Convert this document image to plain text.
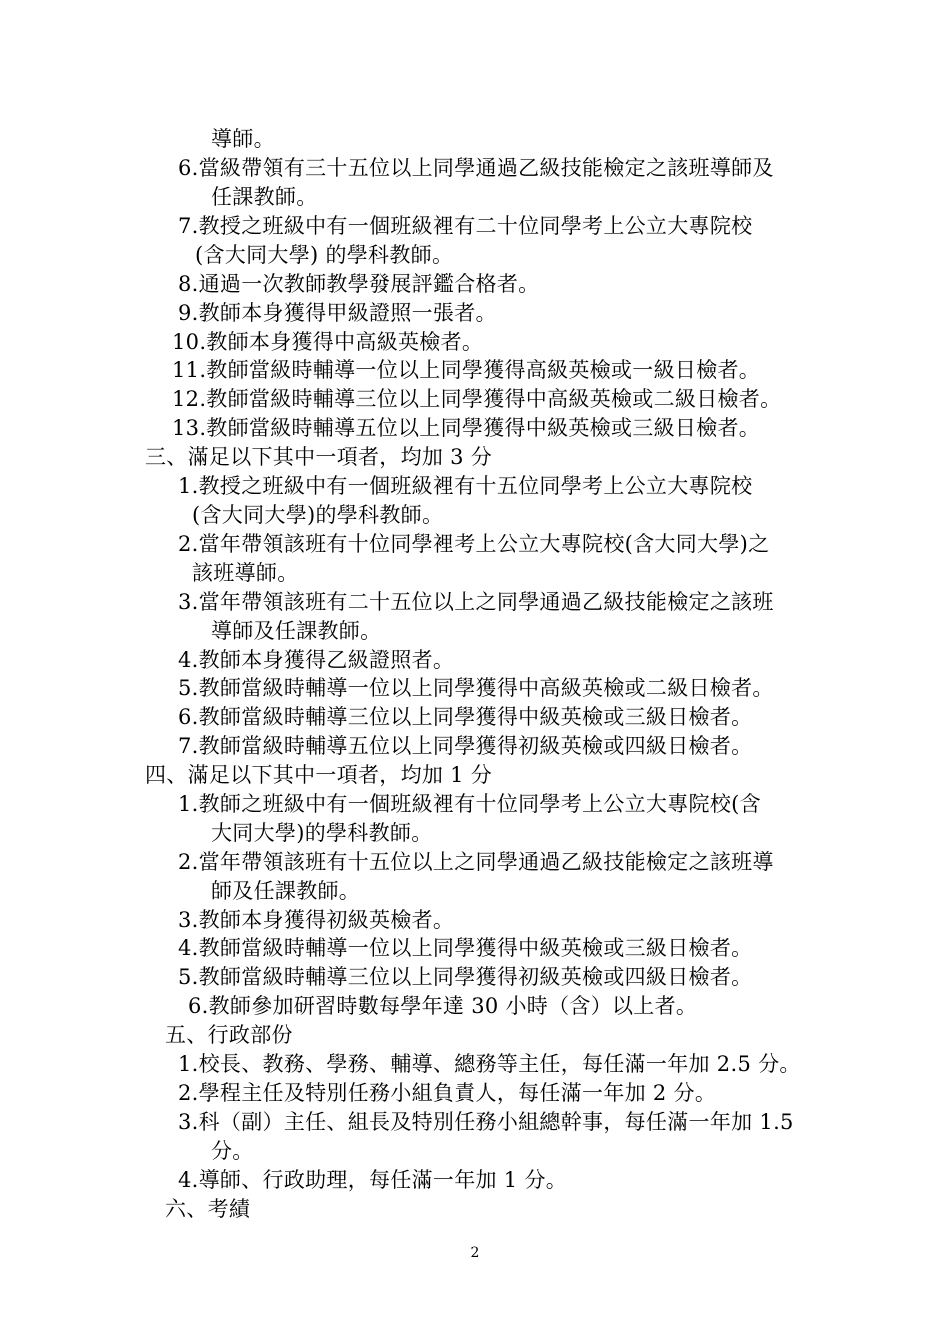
導師。
6.當級帶領有三十五位以上同學通過乙級技能檢定之該班導師及
任課教師。
7.教授之班級中有一個班級裡有二十位同學考上公立大專院校
(含大同大學) 的學科教師。
8.通過一次教師教學發展評鑑合格者。
9.教師本身獲得甲級證照一張者。
10.教師本身獲得中高級英檢者。
11.教師當級時輔導一位以上同學獲得高級英檢或一級日檢者。
12.教師當級時輔導三位以上同學獲得中高級英檢或二級日檢者。
13.教師當級時輔導五位以上同學獲得中級英檢或三級日檢者。
三、滿足以下其中一項者，均加 3 分
1.教授之班級中有一個班級裡有十五位同學考上公立大專院校
(含大同大學)的學科教師。
2.當年帶領該班有十位同學裡考上公立大專院校(含大同大學)之
該班導師。
3.當年帶領該班有二十五位以上之同學通過乙級技能檢定之該班
導師及任課教師。
4.教師本身獲得乙級證照者。
5.教師當級時輔導一位以上同學獲得中高級英檢或二級日檢者。
6.教師當級時輔導三位以上同學獲得中級英檢或三級日檢者。
7.教師當級時輔導五位以上同學獲得初級英檢或四級日檢者。
四、滿足以下其中一項者，均加 1 分
1.教師之班級中有一個班級裡有十位同學考上公立大專院校(含
大同大學)的學科教師。
2.當年帶領該班有十五位以上之同學通過乙級技能檢定之該班導
師及任課教師。
3.教師本身獲得初級英檢者。
4.教師當級時輔導一位以上同學獲得中級英檢或三級日檢者。
5.教師當級時輔導三位以上同學獲得初級英檢或四級日檢者。
6.教師參加研習時數每學年達 30 小時（含）以上者。
五、行政部份
1.校長、教務、學務、輔導、總務等主任，每任滿一年加 2.5 分。
2.學程主任及特別任務小組負責人，每任滿一年加 2 分。
3.科（副）主任、組長及特別任務小組總幹事，每任滿一年加 1.5
分。
4.導師、行政助理，每任滿一年加 1 分。
六、考績
2
